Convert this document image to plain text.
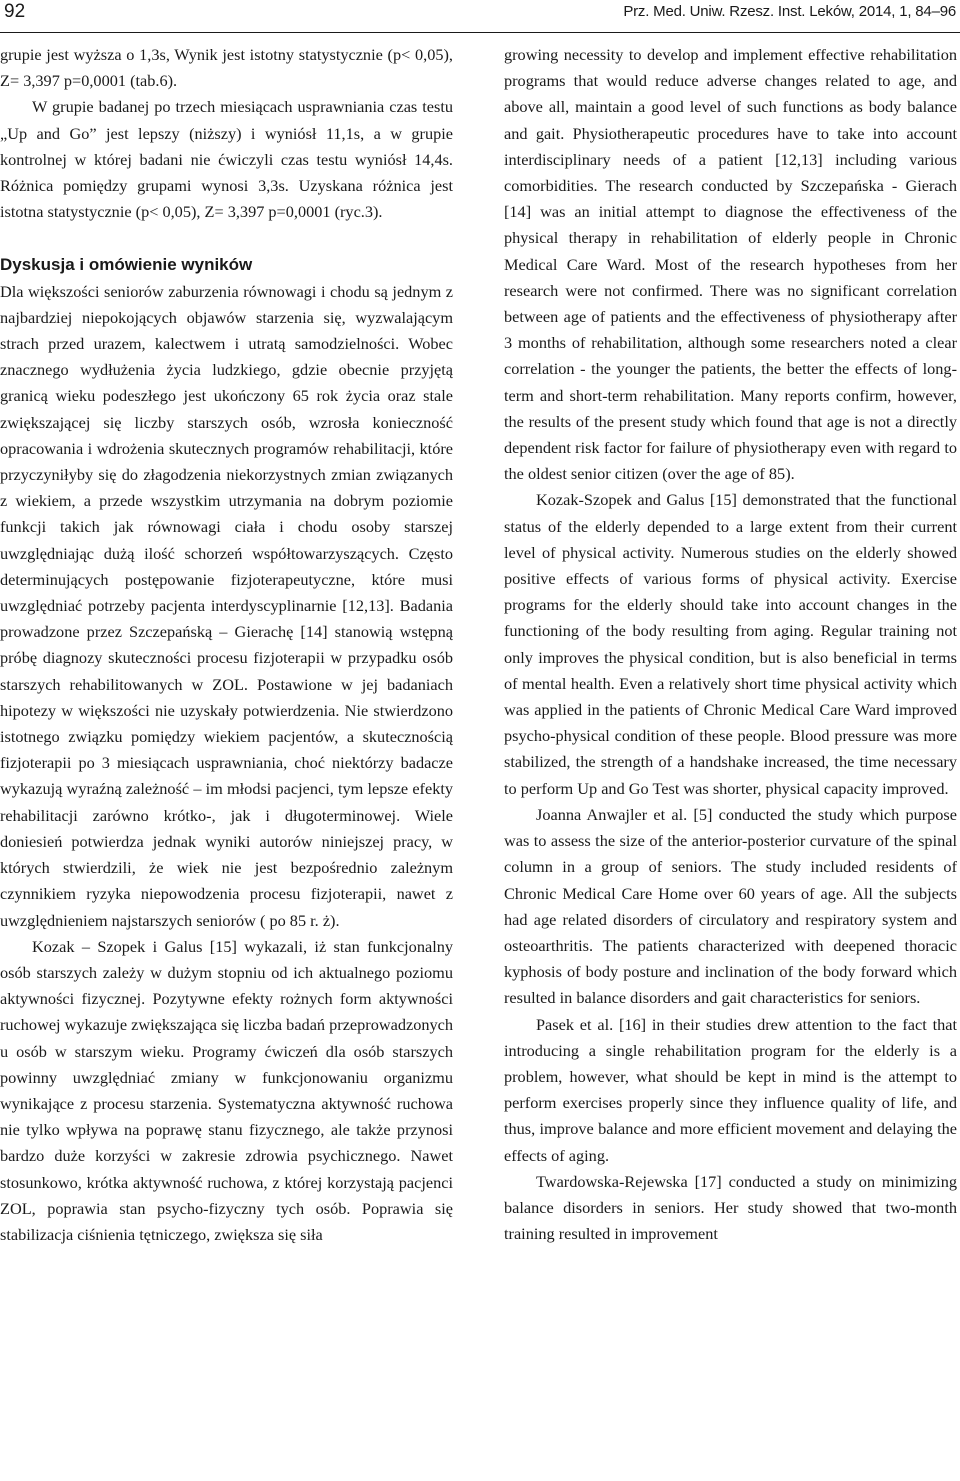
92	Prz. Med. Uniw. Rzesz. Inst. Leków, 2014, 1, 84–96

grupie jest wyższa o 1,3s, Wynik jest istotny statystycznie (p< 0,05), Z= 3,397 p=0,0001 (tab.6).

W grupie badanej po trzech miesiącach usprawniania czas testu „Up and Go” jest lepszy (niższy) i wyniósł 11,1s, a w grupie kontrolnej w której badani nie ćwiczyli czas testu wyniósł 14,4s. Różnica pomiędzy grupami wynosi 3,3s. Uzyskana różnica jest istotna statystycznie (p< 0,05), Z= 3,397 p=0,0001 (ryc.3).

Dyskusja i omówienie wyników

Dla większości seniorów zaburzenia równowagi i chodu są jednym z najbardziej niepokojących objawów starzenia się, wyzwalającym strach przed urazem, kalectwem i utratą samodzielności. Wobec znacznego wydłużenia życia ludzkiego, gdzie obecnie przyjętą granicą wieku podeszłego jest ukończony 65 rok życia oraz stale zwiększającej się liczby starszych osób, wzrosła konieczność opracowania i wdrożenia skutecznych programów rehabilitacji, które przyczyniłyby się do złagodzenia niekorzystnych zmian związanych z wiekiem, a przede wszystkim utrzymania na dobrym poziomie funkcji takich jak równowagi ciała i chodu osoby starszej uwzględniając dużą ilość schorzeń współtowarzyszących. Często determinujących postępowanie fizjoterapeutyczne, które musi uwzględniać potrzeby pacjenta interdyscyplinarnie [12,13]. Badania prowadzone przez Szczepańską – Gierachę [14] stanowią wstępną próbę diagnozy skuteczności procesu fizjoterapii w przypadku osób starszych rehabilitowanych w ZOL. Postawione w jej badaniach hipotezy w większości nie uzyskały potwierdzenia. Nie stwierdzono istotnego związku pomiędzy wiekiem pacjentów, a skutecznością fizjoterapii po 3 miesiącach usprawniania, choć niektórzy badacze wykazują wyraźną zależność – im młodsi pacjenci, tym lepsze efekty rehabilitacji zarówno krótko-, jak i długoterminowej. Wiele doniesień potwierdza jednak wyniki autorów niniejszej pracy, w których stwierdzili, że wiek nie jest bezpośrednio zależnym czynnikiem ryzyka niepowodzenia procesu fizjoterapii, nawet z uwzględnieniem najstarszych seniorów ( po 85 r. ż).

Kozak – Szopek i Galus [15] wykazali, iż stan funkcjonalny osób starszych zależy w dużym stopniu od ich aktualnego poziomu aktywności fizycznej. Pozytywne efekty rożnych form aktywności ruchowej wykazuje zwiększająca się liczba badań przeprowadzonych u osób w starszym wieku. Programy ćwiczeń dla osób starszych powinny uwzględniać zmiany w funkcjonowaniu organizmu wynikające z procesu starzenia. Systematyczna aktywność ruchowa nie tylko wpływa na poprawę stanu fizycznego, ale także przynosi bardzo duże korzyści w zakresie zdrowia psychicznego. Nawet stosunkowo, krótka aktywność ruchowa, z której korzystają pacjenci ZOL, poprawia stan psycho-fizyczny tych osób. Poprawia się stabilizacja ciśnienia tętniczego, zwiększa się siła

growing necessity to develop and implement effective rehabilitation programs that would reduce adverse changes related to age, and above all, maintain a good level of such functions as body balance and gait. Physiotherapeutic procedures have to take into account interdisciplinary needs of a patient [12,13] including various comorbidities. The research conducted by Szczepańska - Gierach [14] was an initial attempt to diagnose the effectiveness of the physical therapy in rehabilitation of elderly people in Chronic Medical Care Ward. Most of the research hypotheses from her research were not confirmed. There was no significant correlation between age of patients and the effectiveness of physiotherapy after 3 months of rehabilitation, although some researchers noted a clear correlation - the younger the patients, the better the effects of long-term and short-term rehabilitation. Many reports confirm, however, the results of the present study which found that age is not a directly dependent risk factor for failure of physiotherapy even with regard to the oldest senior citizen (over the age of 85).

Kozak-Szopek and Galus [15] demonstrated that the functional status of the elderly depended to a large extent from their current level of physical activity. Numerous studies on the elderly showed positive effects of various forms of physical activity. Exercise programs for the elderly should take into account changes in the functioning of the body resulting from aging. Regular training not only improves the physical condition, but is also beneficial in terms of mental health. Even a relatively short time physical activity which was applied in the patients of Chronic Medical Care Ward improved psycho-physical condition of these people. Blood pressure was more stabilized, the strength of a handshake increased, the time necessary to perform Up and Go Test was shorter, physical capacity improved.

Joanna Anwajler et al. [5] conducted the study which purpose was to assess the size of the anterior-posterior curvature of the spinal column in a group of seniors. The study included residents of Chronic Medical Care Home over 60 years of age. All the subjects had age related disorders of circulatory and respiratory system and osteoarthritis. The patients characterized with deepened thoracic kyphosis of body posture and inclination of the body forward which resulted in balance disorders and gait characteristics for seniors.

Pasek et al. [16] in their studies drew attention to the fact that introducing a single rehabilitation program for the elderly is a problem, however, what should be kept in mind is the attempt to perform exercises properly since they influence quality of life, and thus, improve balance and more efficient movement and delaying the effects of aging.

Twardowska-Rejewska [17] conducted a study on minimizing balance disorders in seniors. Her study showed that two-month training resulted in improvement
